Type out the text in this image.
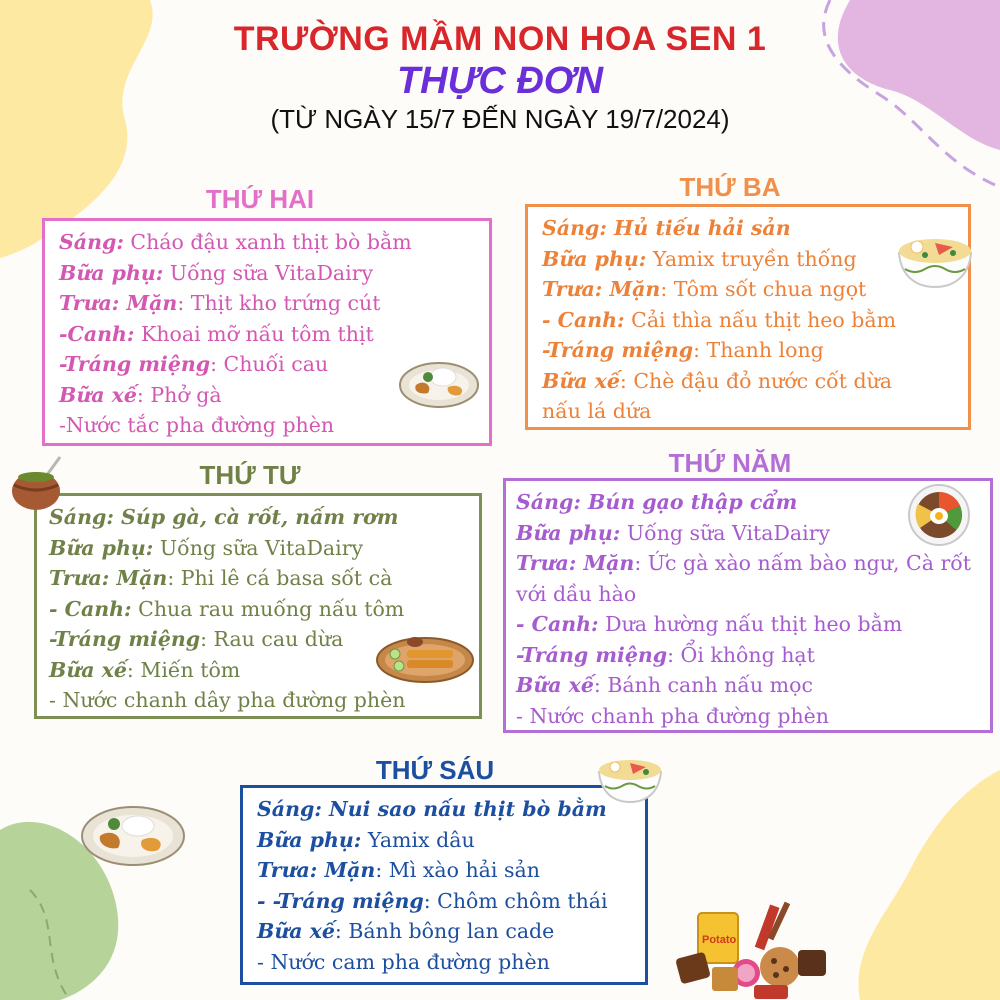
TRƯỜNG MẦM NON HOA SEN 1
THỰC ĐƠN
(TỪ NGÀY 15/7 ĐẾN NGÀY 19/7/2024)
THỨ HAI
Sáng: Cháo đậu xanh thịt bò bằm
Bữa phụ: Uống sữa VitaDairy
Trưa: Mặn: Thịt kho trứng cút
-Canh: Khoai mỡ nấu tôm thịt
-Tráng miệng: Chuối cau
Bữa xế: Phở gà
-Nước tắc pha đường phèn
THỨ BA
Sáng: Hủ tiếu hải sản
Bữa phụ: Yamix truyền thống
Trưa: Mặn: Tôm sốt chua ngọt
- Canh: Cải thìa nấu thịt heo bằm
-Tráng miệng: Thanh long
Bữa xế: Chè đậu đỏ nước cốt dừa nấu lá dứa
THỨ TƯ
Sáng: Súp gà, cà rốt, nấm rơm
Bữa phụ: Uống sữa VitaDairy
Trưa: Mặn: Phi lê cá basa sốt cà
- Canh: Chua rau muống nấu tôm
-Tráng miệng: Rau cau dừa
Bữa xế: Miến tôm
- Nước chanh dây pha đường phèn
THỨ NĂM
Sáng: Bún gạo thập cẩm
Bữa phụ: Uống sữa VitaDairy
Trưa: Mặn: Ức gà xào nấm bào ngư, Cà rốt với dầu hào
- Canh: Dưa hường nấu thịt heo bằm
-Tráng miệng: Ổi không hạt
Bữa xế: Bánh canh nấu mọc
- Nước chanh pha đường phèn
THỨ SÁU
Sáng: Nui sao nấu thịt bò bằm
Bữa phụ: Yamix dâu
Trưa: Mặn: Mì xào hải sản
- -Tráng miệng: Chôm chôm thái
Bữa xế: Bánh bông lan cade
- Nước cam pha đường phèn
Potato
